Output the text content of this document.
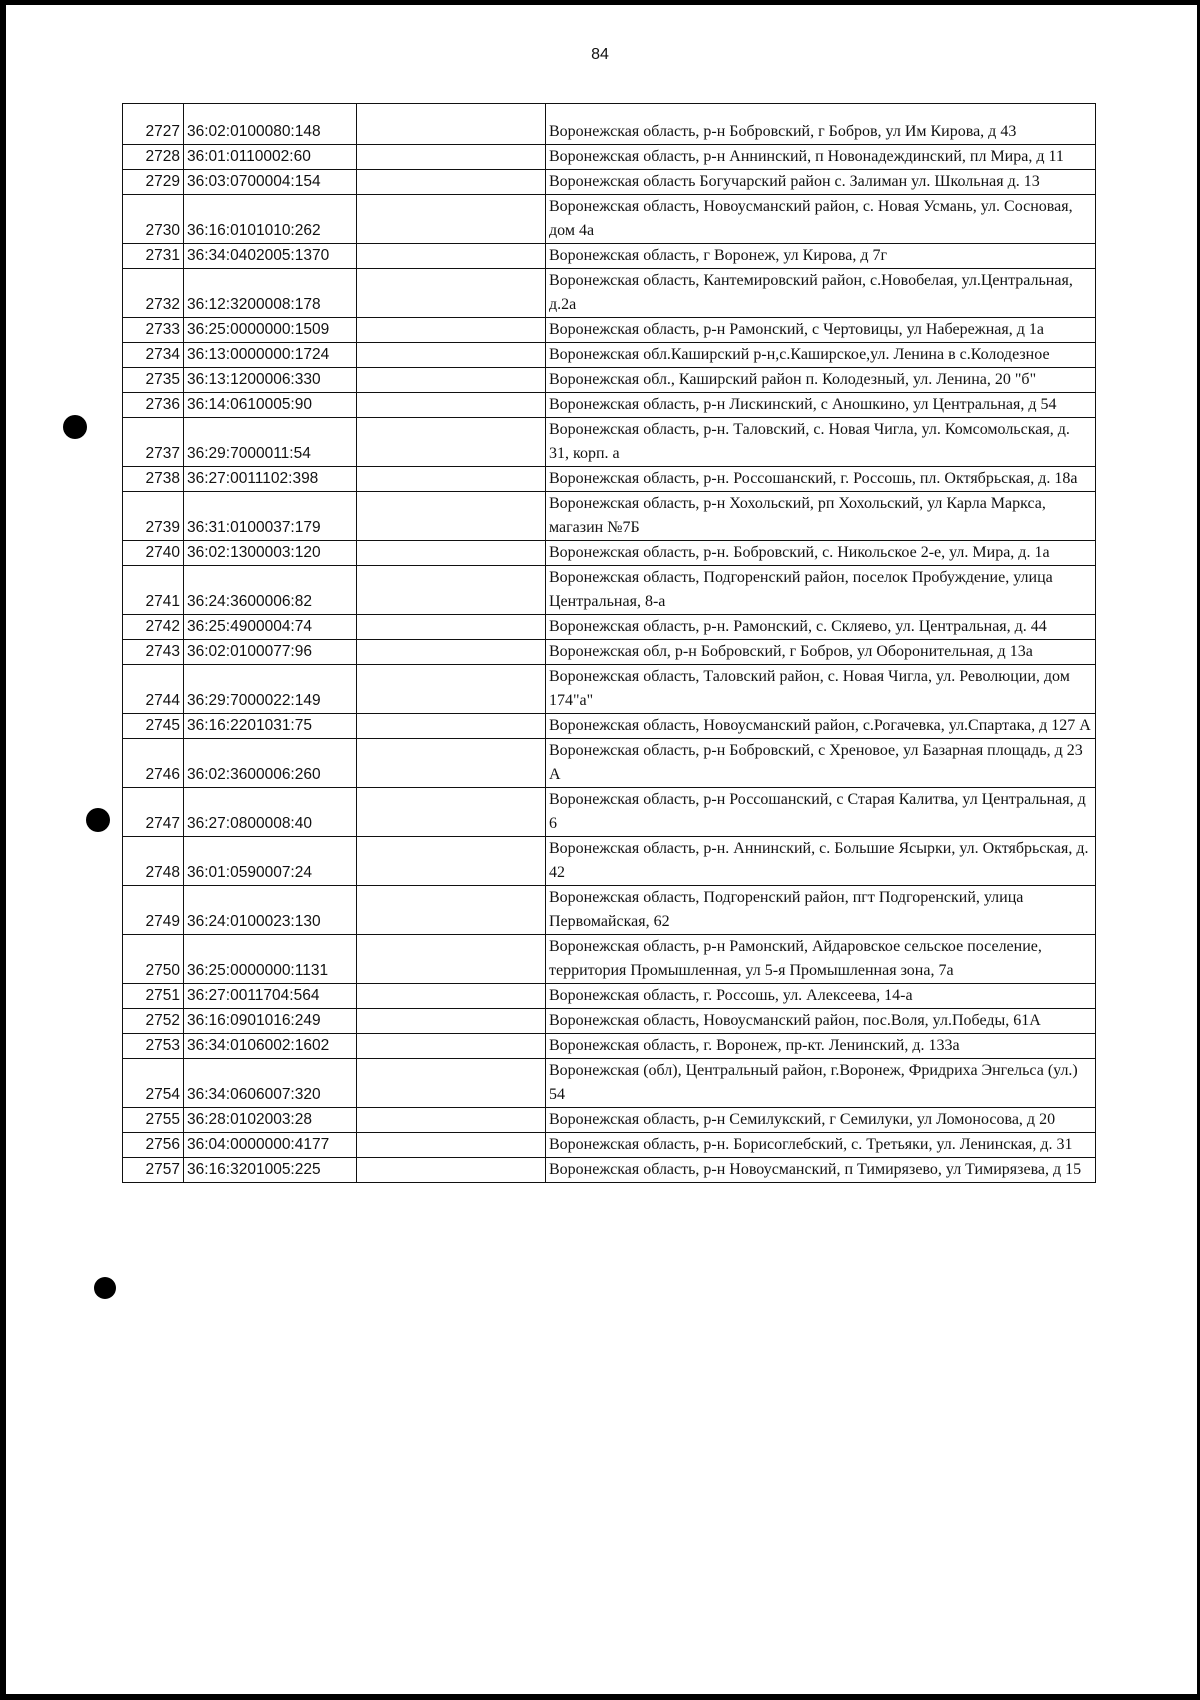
84
2727	36:02:0100080:148		Воронежская область, р-н Бобровский, г Бобров, ул Им Кирова, д 43
2728	36:01:0110002:60		Воронежская область, р-н Аннинский, п Новонадеждинский, пл Мира, д 11
2729	36:03:0700004:154		Воронежская область Богучарский район с. Залиман ул. Школьная д. 13
2730	36:16:0101010:262		Воронежская область, Новоусманский район, с. Новая Усмань, ул. Сосновая, дом 4а
2731	36:34:0402005:1370		Воронежская область, г Воронеж, ул Кирова, д 7г
2732	36:12:3200008:178		Воронежская область, Кантемировский район, с.Новобелая, ул.Центральная, д.2а
2733	36:25:0000000:1509		Воронежская область, р-н Рамонский, с Чертовицы, ул Набережная, д 1а
2734	36:13:0000000:1724		Воронежская обл.Каширский р-н,с.Каширское,ул. Ленина в с.Колодезное
2735	36:13:1200006:330		Воронежская обл., Каширский район п. Колодезный, ул. Ленина, 20 "б"
2736	36:14:0610005:90		Воронежская область, р-н Лискинский, с Аношкино, ул Центральная, д 54
2737	36:29:7000011:54		Воронежская область, р-н. Таловский, с. Новая Чигла, ул. Комсомольская, д. 31, корп. а
2738	36:27:0011102:398		Воронежская область, р-н. Россошанский, г. Россошь, пл. Октябрьская, д. 18а
2739	36:31:0100037:179		Воронежская область, р-н Хохольский, рп Хохольский, ул Карла Маркса, магазин №7Б
2740	36:02:1300003:120		Воронежская область, р-н. Бобровский, с. Никольское 2-е, ул. Мира, д. 1а
2741	36:24:3600006:82		Воронежская область, Подгоренский район, поселок Пробуждение, улица Центральная, 8-а
2742	36:25:4900004:74		Воронежская область, р-н. Рамонский, с. Скляево, ул. Центральная, д. 44
2743	36:02:0100077:96		Воронежская обл, р-н Бобровский, г Бобров, ул Оборонительная, д 13а
2744	36:29:7000022:149		Воронежская область, Таловский район, с. Новая Чигла, ул. Революции, дом 174"а"
2745	36:16:2201031:75		Воронежская область, Новоусманский район, с.Рогачевка, ул.Спартака, д 127 А
2746	36:02:3600006:260		Воронежская область, р-н Бобровский, с Хреновое, ул Базарная площадь, д 23 А
2747	36:27:0800008:40		Воронежская область, р-н Россошанский, с Старая Калитва, ул Центральная, д 6
2748	36:01:0590007:24		Воронежская область, р-н. Аннинский, с. Большие Ясырки, ул. Октябрьская, д. 42
2749	36:24:0100023:130		Воронежская область, Подгоренский район, пгт Подгоренский, улица Первомайская, 62
2750	36:25:0000000:1131		Воронежская область, р-н Рамонский, Айдаровское сельское поселение, территория Промышленная, ул 5-я Промышленная зона, 7а
2751	36:27:0011704:564		Воронежская область, г. Россошь, ул. Алексеева, 14-а
2752	36:16:0901016:249		Воронежская область, Новоусманский район, пос.Воля, ул.Победы, 61А
2753	36:34:0106002:1602		Воронежская область, г. Воронеж, пр-кт. Ленинский, д. 133а
2754	36:34:0606007:320		Воронежская (обл), Центральный район, г.Воронеж, Фридриха Энгельса (ул.) 54
2755	36:28:0102003:28		Воронежская область, р-н Семилукский, г Семилуки, ул Ломоносова, д 20
2756	36:04:0000000:4177		Воронежская область, р-н. Борисоглебский, с. Третьяки, ул. Ленинская, д. 31
2757	36:16:3201005:225		Воронежская область, р-н Новоусманский, п Тимирязево, ул Тимирязева, д 15
